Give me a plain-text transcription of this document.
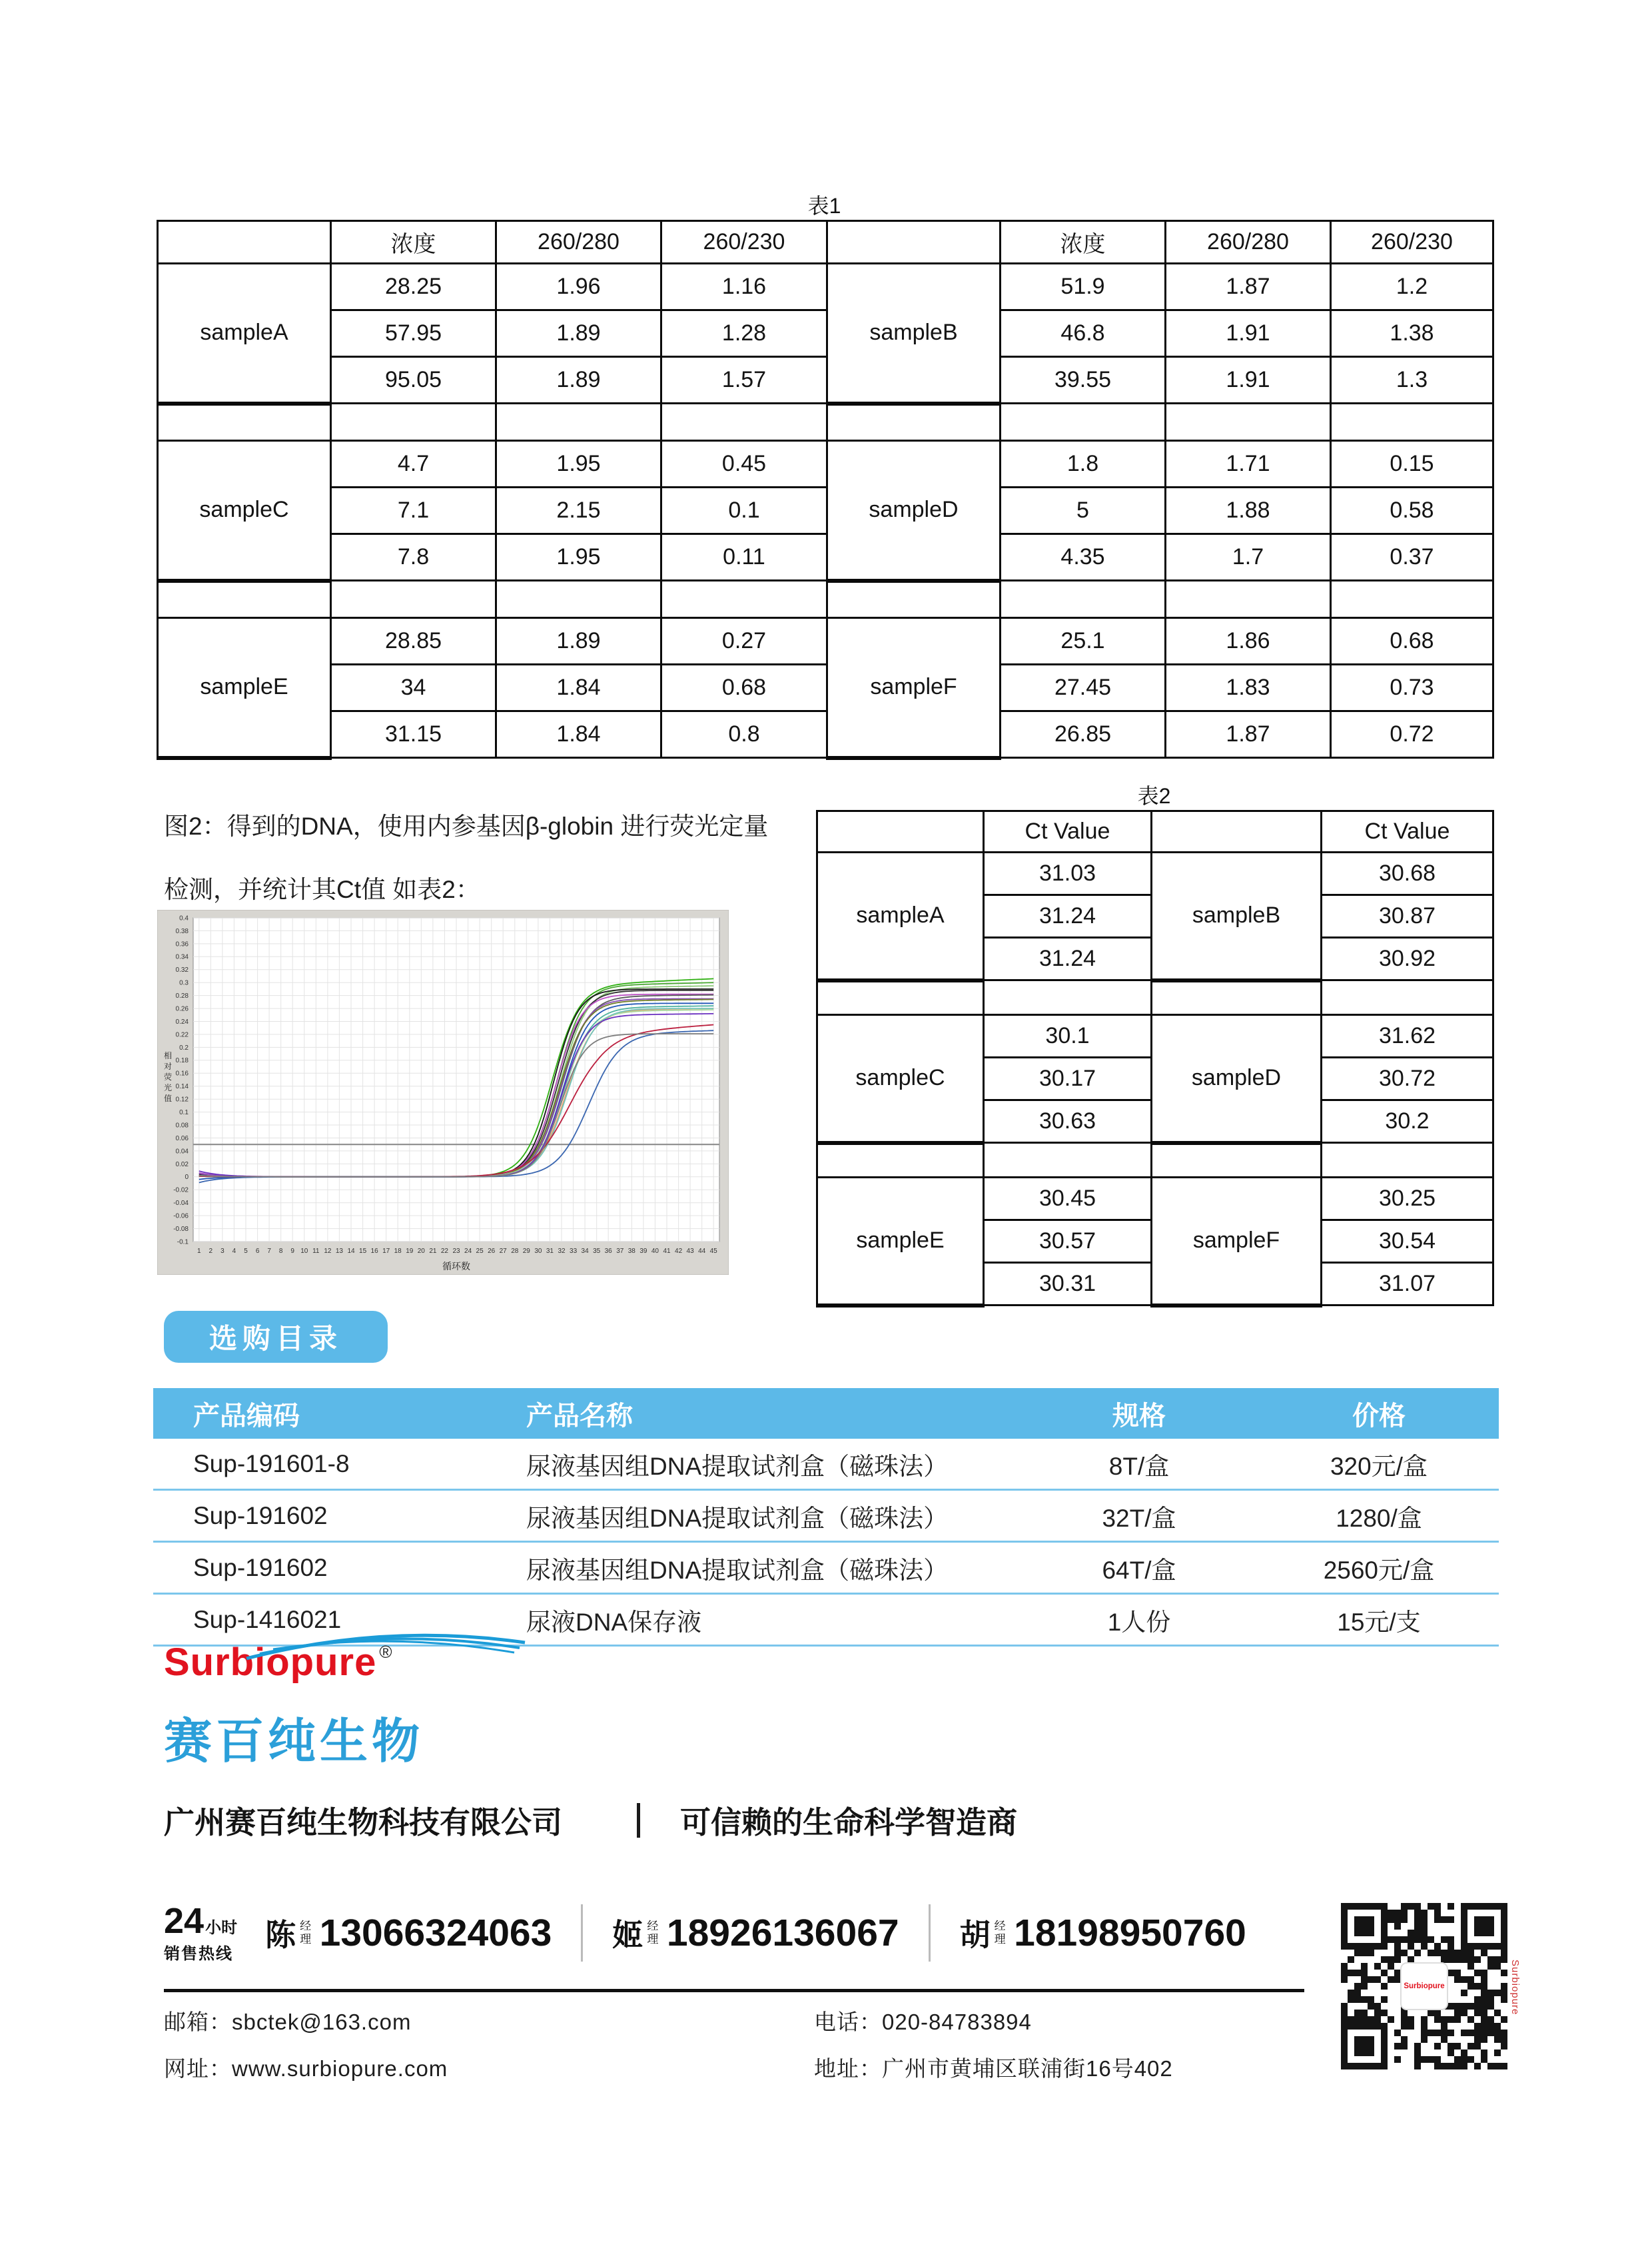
表1
	浓度	260/280	260/230		浓度	260/280	260/230
sampleA	28.25	1.96	1.16	sampleB	51.9	1.87	1.2
	57.95	1.89	1.28		46.8	1.91	1.38
	95.05	1.89	1.57		39.55	1.91	1.3

sampleC	4.7	1.95	0.45	sampleD	1.8	1.71	0.15
	7.1	2.15	0.1		5	1.88	0.58
	7.8	1.95	0.11		4.35	1.7	0.37

sampleE	28.85	1.89	0.27	sampleF	25.1	1.86	0.68
	34	1.84	0.68		27.45	1.83	0.73
	31.15	1.84	0.8		26.85	1.87	0.72
图2：得到的DNA，使用内参基因β-globin 进行荧光定量
检测，并统计其Ct值 如表2：
表2
	Ct Value		Ct Value
sampleA	31.03	sampleB	30.68
	31.24		30.87
	31.24		30.92

sampleC	30.1	sampleD	31.62
	30.17		30.72
	30.63		30.2

sampleE	30.45	sampleF	30.25
	30.57		30.54
	30.31		31.07
0.4
0.38
0.36
0.34
0.32
0.3
0.28
0.26
0.24
0.22
0.2
0.18
0.16
0.14
0.12
0.1
0.08
0.06
0.04
0.02
0
-0.02
-0.04
-0.06
-0.08
-0.1
1 2 3 4 5 6 7 8 9 10 11 12 13 14 15 16 17 18 19 20 21 22 23 24 25 26 27 28 29 30 31 32 33 34 35 36 37 38 39 40 41 42 43 44 45
循环数
相
对
荧
光
值
选购目录
产品编码	产品名称	规格	价格
Sup-191601-8	尿液基因组DNA提取试剂盒（磁珠法）	8T/盒	320元/盒
Sup-191602	尿液基因组DNA提取试剂盒（磁珠法）	32T/盒	1280/盒
Sup-191602	尿液基因组DNA提取试剂盒（磁珠法）	64T/盒	2560元/盒
Sup-1416021	尿液DNA保存液	1人份	15元/支
Surbiopure ®
赛百纯生物
广州赛百纯生物科技有限公司	可信赖的生命科学智造商
24 小时
销售热线
陈 经理 13066324063 姬 经理 18926136067 胡 经理 18198950760
邮箱：sbctek@163.com
网址：www.surbiopure.com
电话：020-84783894
地址：广州市黄埔区联浦街16号402
Surbiopure	Surbiopure
